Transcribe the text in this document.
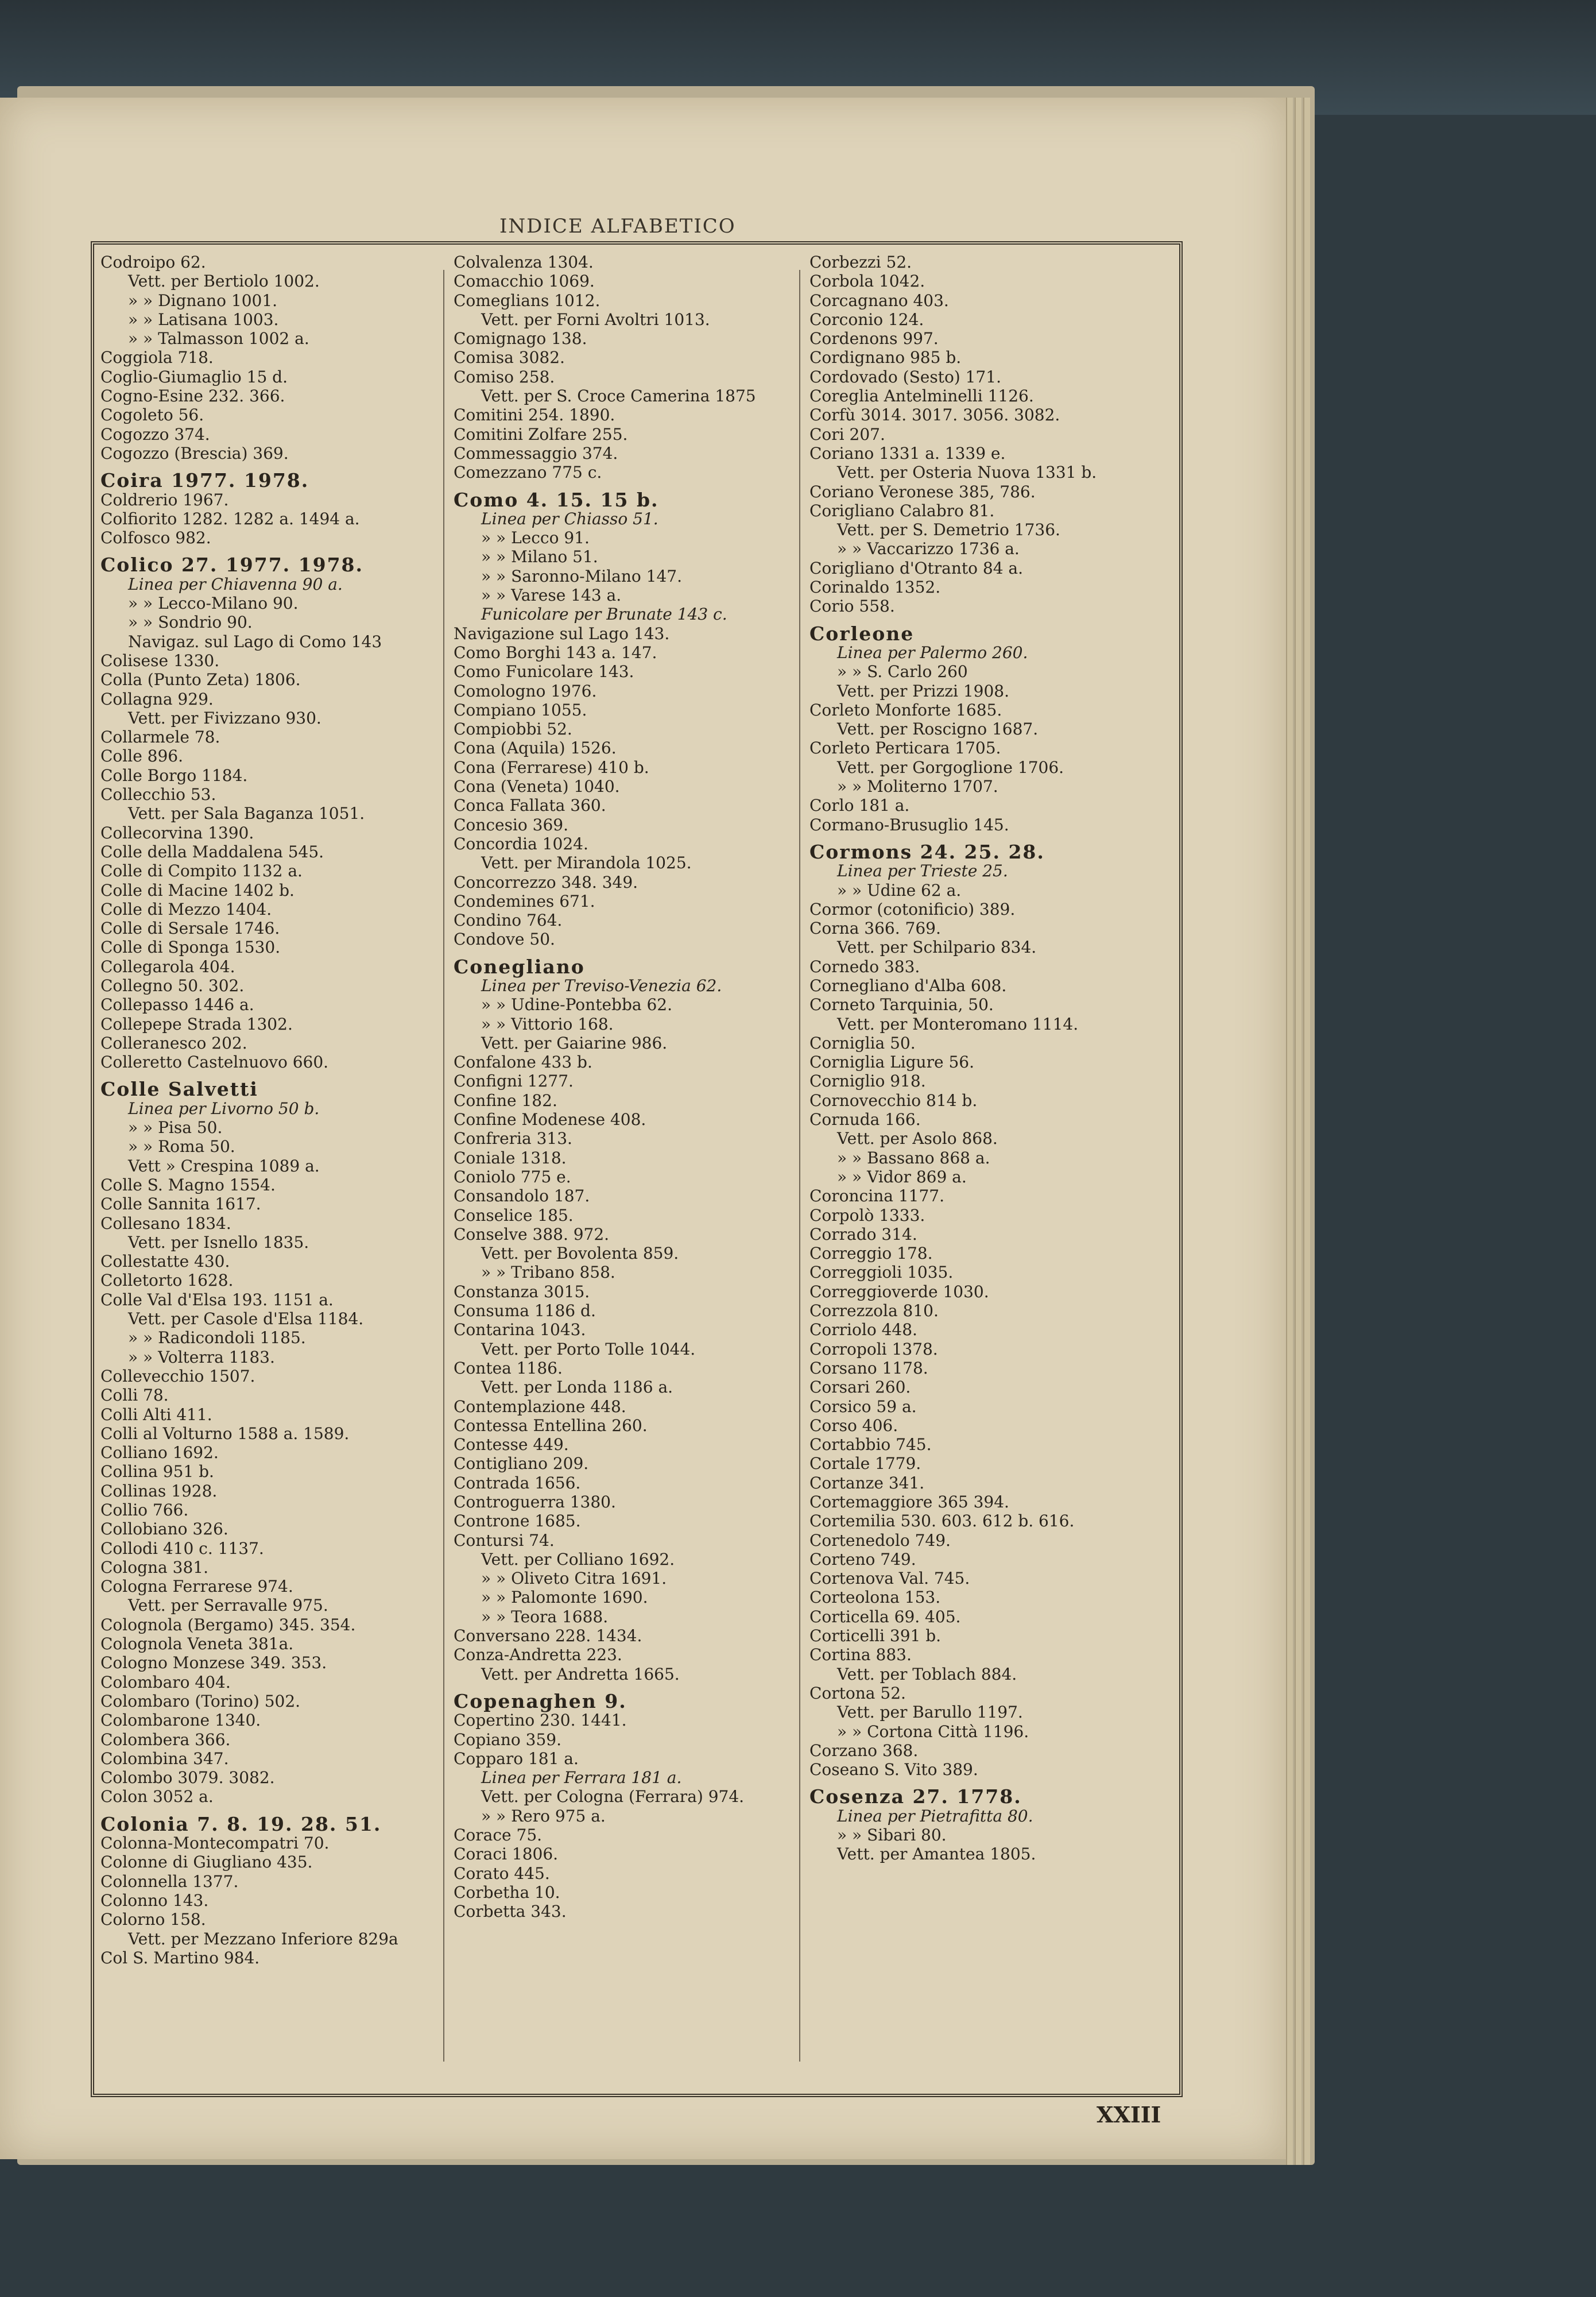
INDICE ALFABETICO
Codroipo 62.
Vett. per Bertiolo 1002.
» » Dignano 1001.
» » Latisana 1003.
» » Talmasson 1002 a.
Coggiola 718.
Coglio-Giumaglio 15 d.
Cogno-Esine 232. 366.
Cogoleto 56.
Cogozzo 374.
Cogozzo (Brescia) 369.
Coira 1977. 1978.
Coldrerio 1967.
Colfiorito 1282. 1282 a. 1494 a.
Colfosco 982.
Colico 27. 1977. 1978.
Linea per Chiavenna 90 a.
» » Lecco-Milano 90.
» » Sondrio 90.
Navigaz. sul Lago di Como 143
Colisese 1330.
Colla (Punto Zeta) 1806.
Collagna 929.
Vett. per Fivizzano 930.
Collarmele 78.
Colle 896.
Colle Borgo 1184.
Collecchio 53.
Vett. per Sala Baganza 1051.
Collecorvina 1390.
Colle della Maddalena 545.
Colle di Compito 1132 a.
Colle di Macine 1402 b.
Colle di Mezzo 1404.
Colle di Sersale 1746.
Colle di Sponga 1530.
Collegarola 404.
Collegno 50. 302.
Collepasso 1446 a.
Collepepe Strada 1302.
Colleranesco 202.
Colleretto Castelnuovo 660.
Colle Salvetti
Linea per Livorno 50 b.
» » Pisa 50.
» » Roma 50.
Vett » Crespina 1089 a.
Colle S. Magno 1554.
Colle Sannita 1617.
Collesano 1834.
Vett. per Isnello 1835.
Collestatte 430.
Colletorto 1628.
Colle Val d'Elsa 193. 1151 a.
Vett. per Casole d'Elsa 1184.
» » Radicondoli 1185.
» » Volterra 1183.
Collevecchio 1507.
Colli 78.
Colli Alti 411.
Colli al Volturno 1588 a. 1589.
Colliano 1692.
Collina 951 b.
Collinas 1928.
Collio 766.
Collobiano 326.
Collodi 410 c. 1137.
Cologna 381.
Cologna Ferrarese 974.
Vett. per Serravalle 975.
Colognola (Bergamo) 345. 354.
Colognola Veneta 381a.
Cologno Monzese 349. 353.
Colombaro 404.
Colombaro (Torino) 502.
Colombarone 1340.
Colombera 366.
Colombina 347.
Colombo 3079. 3082.
Colon 3052 a.
Colonia 7. 8. 19. 28. 51.
Colonna-Montecompatri 70.
Colonne di Giugliano 435.
Colonnella 1377.
Colonno 143.
Colorno 158.
Vett. per Mezzano Inferiore 829a
Col S. Martino 984.
Colvalenza 1304.
Comacchio 1069.
Comeglians 1012.
Vett. per Forni Avoltri 1013.
Comignago 138.
Comisa 3082.
Comiso 258.
Vett. per S. Croce Camerina 1875
Comitini 254. 1890.
Comitini Zolfare 255.
Commessaggio 374.
Comezzano 775 c.
Como 4. 15. 15 b.
Linea per Chiasso 51.
» » Lecco 91.
» » Milano 51.
» » Saronno-Milano 147.
» » Varese 143 a.
Funicolare per Brunate 143 c.
Navigazione sul Lago 143.
Como Borghi 143 a. 147.
Como Funicolare 143.
Comologno 1976.
Compiano 1055.
Compiobbi 52.
Cona (Aquila) 1526.
Cona (Ferrarese) 410 b.
Cona (Veneta) 1040.
Conca Fallata 360.
Concesio 369.
Concordia 1024.
Vett. per Mirandola 1025.
Concorrezzo 348. 349.
Condemines 671.
Condino 764.
Condove 50.
Conegliano
Linea per Treviso-Venezia 62.
» » Udine-Pontebba 62.
» » Vittorio 168.
Vett. per Gaiarine 986.
Confalone 433 b.
Configni 1277.
Confine 182.
Confine Modenese 408.
Confreria 313.
Coniale 1318.
Coniolo 775 e.
Consandolo 187.
Conselice 185.
Conselve 388. 972.
Vett. per Bovolenta 859.
» » Tribano 858.
Constanza 3015.
Consuma 1186 d.
Contarina 1043.
Vett. per Porto Tolle 1044.
Contea 1186.
Vett. per Londa 1186 a.
Contemplazione 448.
Contessa Entellina 260.
Contesse 449.
Contigliano 209.
Contrada 1656.
Controguerra 1380.
Controne 1685.
Contursi 74.
Vett. per Colliano 1692.
» » Oliveto Citra 1691.
» » Palomonte 1690.
» » Teora 1688.
Conversano 228. 1434.
Conza-Andretta 223.
Vett. per Andretta 1665.
Copenaghen 9.
Copertino 230. 1441.
Copiano 359.
Copparo 181 a.
Linea per Ferrara 181 a.
Vett. per Cologna (Ferrara) 974.
» » Rero 975 a.
Corace 75.
Coraci 1806.
Corato 445.
Corbetha 10.
Corbetta 343.
Corbezzi 52.
Corbola 1042.
Corcagnano 403.
Corconio 124.
Cordenons 997.
Cordignano 985 b.
Cordovado (Sesto) 171.
Coreglia Antelminelli 1126.
Corfù 3014. 3017. 3056. 3082.
Cori 207.
Coriano 1331 a. 1339 e.
Vett. per Osteria Nuova 1331 b.
Coriano Veronese 385, 786.
Corigliano Calabro 81.
Vett. per S. Demetrio 1736.
» » Vaccarizzo 1736 a.
Corigliano d'Otranto 84 a.
Corinaldo 1352.
Corio 558.
Corleone
Linea per Palermo 260.
» » S. Carlo 260
Vett. per Prizzi 1908.
Corleto Monforte 1685.
Vett. per Roscigno 1687.
Corleto Perticara 1705.
Vett. per Gorgoglione 1706.
» » Moliterno 1707.
Corlo 181 a.
Cormano-Brusuglio 145.
Cormons 24. 25. 28.
Linea per Trieste 25.
» » Udine 62 a.
Cormor (cotonificio) 389.
Corna 366. 769.
Vett. per Schilpario 834.
Cornedo 383.
Cornegliano d'Alba 608.
Corneto Tarquinia, 50.
Vett. per Monteromano 1114.
Corniglia 50.
Corniglia Ligure 56.
Corniglio 918.
Cornovecchio 814 b.
Cornuda 166.
Vett. per Asolo 868.
» » Bassano 868 a.
» » Vidor 869 a.
Coroncina 1177.
Corpolò 1333.
Corrado 314.
Correggio 178.
Correggioli 1035.
Correggioverde 1030.
Correzzola 810.
Corriolo 448.
Corropoli 1378.
Corsano 1178.
Corsari 260.
Corsico 59 a.
Corso 406.
Cortabbio 745.
Cortale 1779.
Cortanze 341.
Cortemaggiore 365 394.
Cortemilia 530. 603. 612 b. 616.
Cortenedolo 749.
Corteno 749.
Cortenova Val. 745.
Corteolona 153.
Corticella 69. 405.
Corticelli 391 b.
Cortina 883.
Vett. per Toblach 884.
Cortona 52.
Vett. per Barullo 1197.
» » Cortona Città 1196.
Corzano 368.
Coseano S. Vito 389.
Cosenza 27. 1778.
Linea per Pietrafitta 80.
» » Sibari 80.
Vett. per Amantea 1805.
XXIII
